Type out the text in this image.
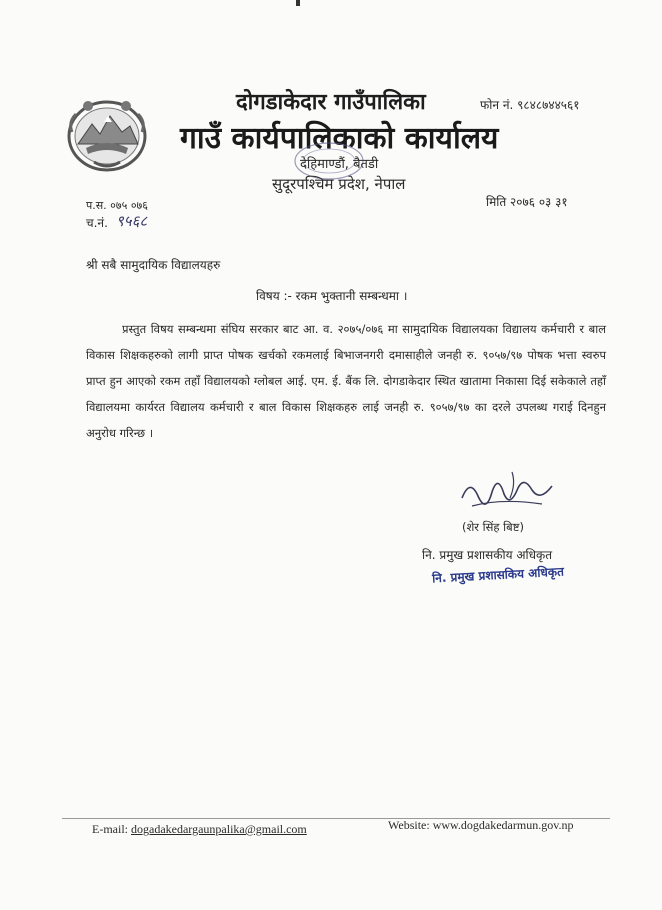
दोगडाकेदार गाउँपालिका
गाउँ कार्यपालिकाको कार्यालय
फोन नं. ९८४८७४४५६१
देहिमाण्डौं, बैतडी
सुदूरपश्चिम प्रदेश, नेपाल
प.स. ०७५ ०७६
च.नं. ९५६८
मिति २०७६ ०३ ३१
श्री सबै सामुदायिक विद्यालयहरु
विषय :- रकम भुक्तानी सम्बन्धमा ।
प्रस्तुत विषय सम्बन्धमा संघिय सरकार बाट आ. व. २०७५/०७६ मा सामुदायिक विद्यालयका विद्यालय कर्मचारी र बाल विकास शिक्षकहरुको लागी प्राप्त पोषक खर्चको रकमलाई बिभाजनगरी दमासाहीले जनही रु. ९०५७/९७ पोषक भत्ता स्वरुप प्राप्त हुन आएको रकम तहाँ विद्यालयको ग्लोबल आई. एम. ई. बैंक लि. दोगडाकेदार स्थित खातामा निकासा दिई सकेकाले तहाँ विद्यालयमा कार्यरत विद्यालय कर्मचारी र बाल विकास शिक्षकहरु लाई जनही रु. ९०५७/९७ का दरले उपलब्ध गराई दिनहुन अनुरोध गरिन्छ ।
(शेर सिंह बिष्ट)
नि. प्रमुख प्रशासकीय अधिकृत
नि. प्रमुख प्रशासकिय अधिकृत
E-mail: dogadakedargaunpalika@gmail.com	Website: www.dogdakedarmun.gov.np
